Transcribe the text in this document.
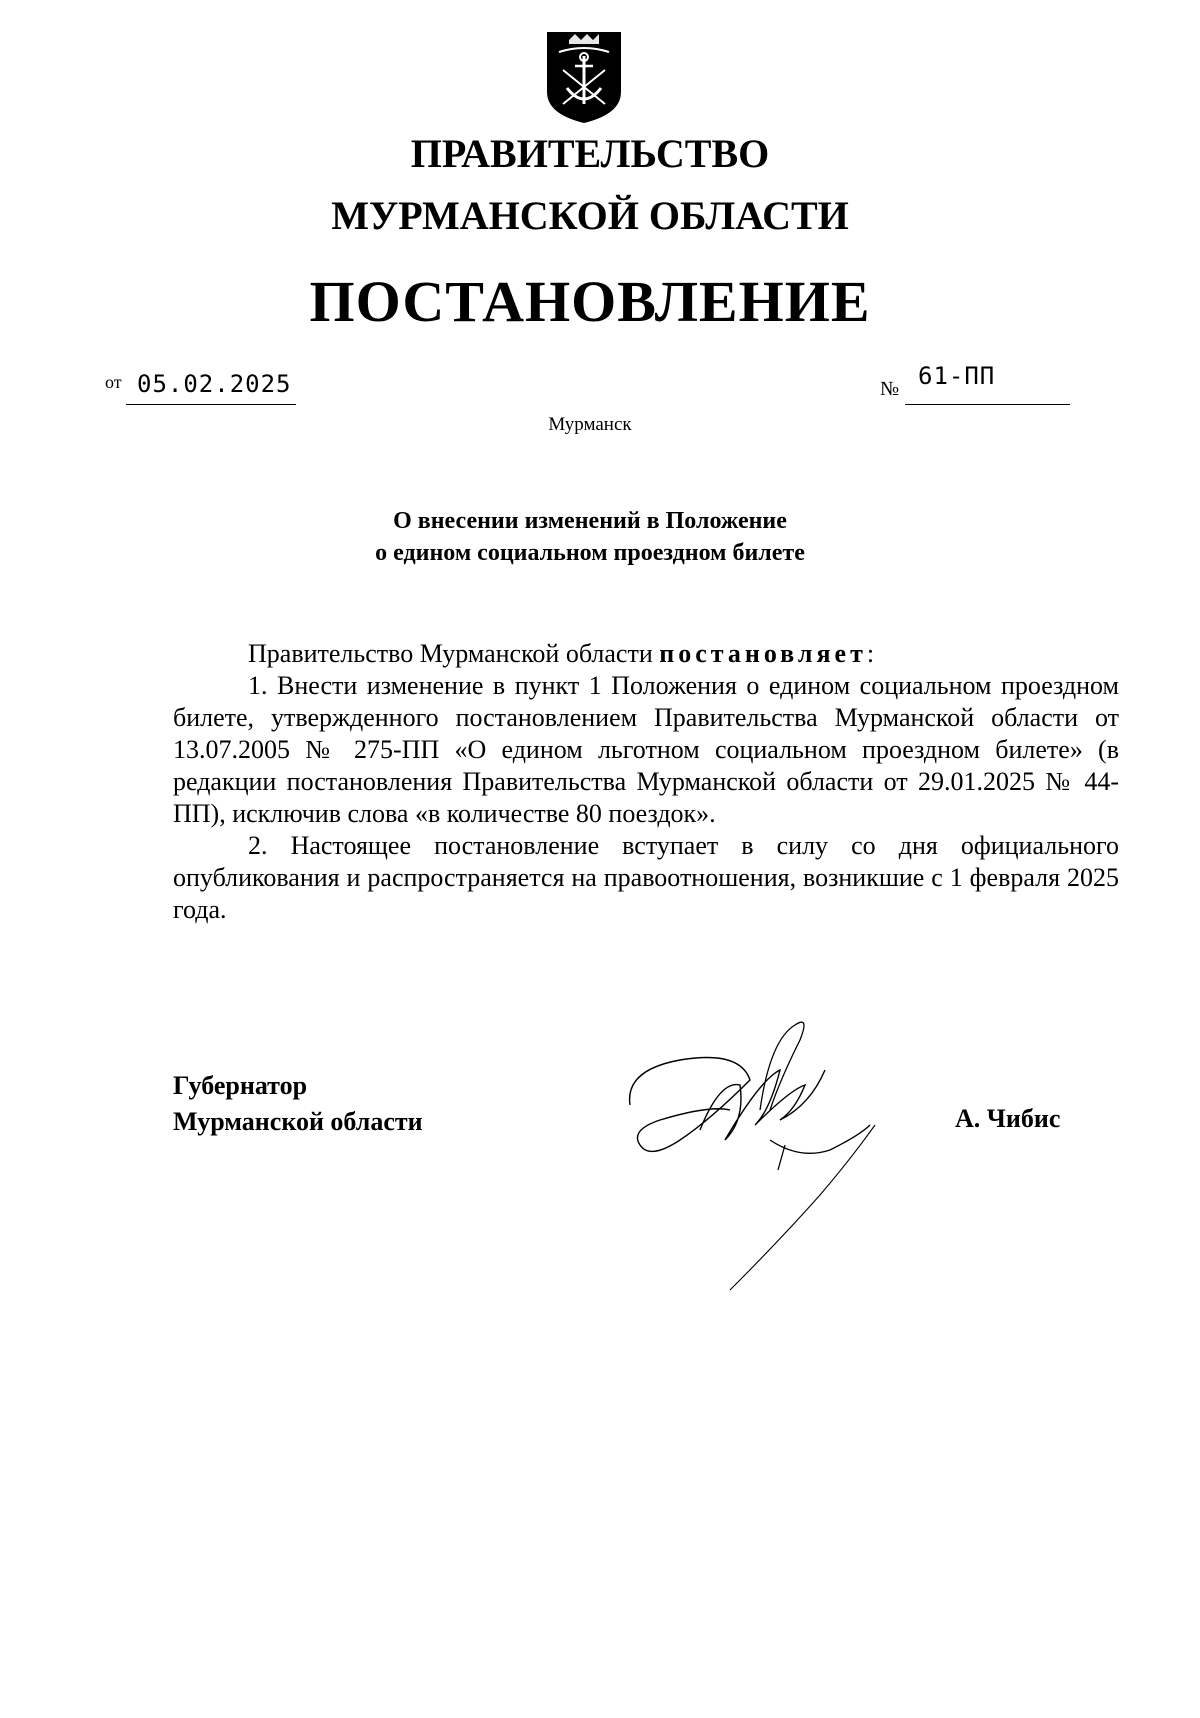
ПРАВИТЕЛЬСТВО
МУРМАНСКОЙ ОБЛАСТИ
ПОСТАНОВЛЕНИЕ
от 05.02.2025	№ 61-ПП
Мурманск
О внесении изменений в Положение
о едином социальном проездном билете

Правительство Мурманской области постановляет:

1. Внести изменение в пункт 1 Положения о едином социальном проездном билете, утвержденного постановлением Правительства Мурманской области от 13.07.2005 № 275-ПП «О едином льготном социальном проездном билете» (в редакции постановления Правительства Мурманской области от 29.01.2025 № 44-ПП), исключив слова «в количестве 80 поездок».

2. Настоящее постановление вступает в силу со дня официального опубликования и распространяется на правоотношения, возникшие с 1 февраля 2025 года.

Губернатор
Мурманской области	А. Чибис
